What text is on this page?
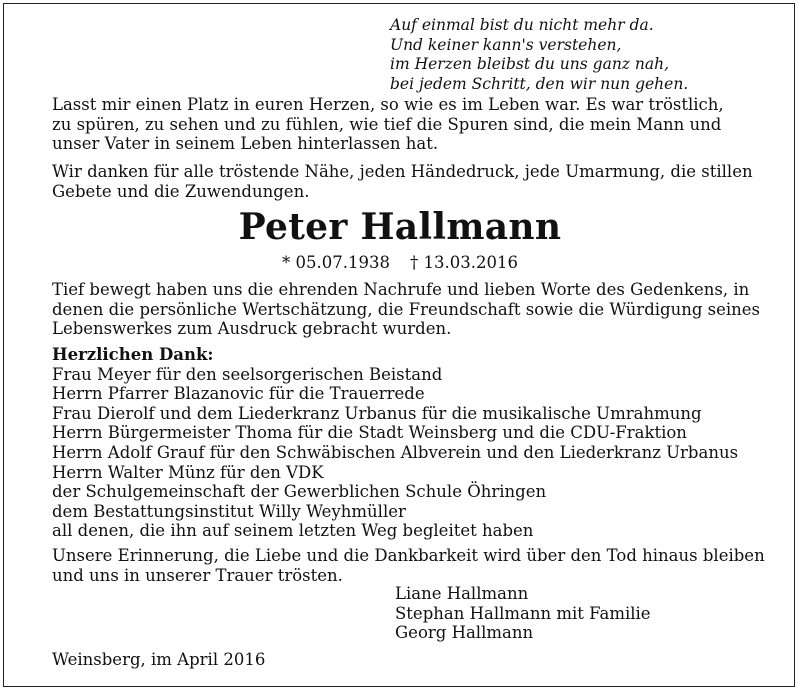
Auf einmal bist du nicht mehr da.
Und keiner kann's verstehen,
im Herzen bleibst du uns ganz nah,
bei jedem Schritt, den wir nun gehen.
Lasst mir einen Platz in euren Herzen, so wie es im Leben war. Es war tröstlich,
zu spüren, zu sehen und zu fühlen, wie tief die Spuren sind, die mein Mann und
unser Vater in seinem Leben hinterlassen hat.
Wir danken für alle tröstende Nähe, jeden Händedruck, jede Umarmung, die stillen
Gebete und die Zuwendungen.
Peter Hallmann
* 05.07.1938 † 13.03.2016
Tief bewegt haben uns die ehrenden Nachrufe und lieben Worte des Gedenkens, in
denen die persönliche Wertschätzung, die Freundschaft sowie die Würdigung seines
Lebenswerkes zum Ausdruck gebracht wurden.
Herzlichen Dank:
Frau Meyer für den seelsorgerischen Beistand
Herrn Pfarrer Blazanovic für die Trauerrede
Frau Dierolf und dem Liederkranz Urbanus für die musikalische Umrahmung
Herrn Bürgermeister Thoma für die Stadt Weinsberg und die CDU-Fraktion
Herrn Adolf Grauf für den Schwäbischen Albverein und den Liederkranz Urbanus
Herrn Walter Münz für den VDK
der Schulgemeinschaft der Gewerblichen Schule Öhringen
dem Bestattungsinstitut Willy Weyhmüller
all denen, die ihn auf seinem letzten Weg begleitet haben
Unsere Erinnerung, die Liebe und die Dankbarkeit wird über den Tod hinaus bleiben
und uns in unserer Trauer trösten.
Liane Hallmann
Stephan Hallmann mit Familie
Georg Hallmann
Weinsberg, im April 2016
